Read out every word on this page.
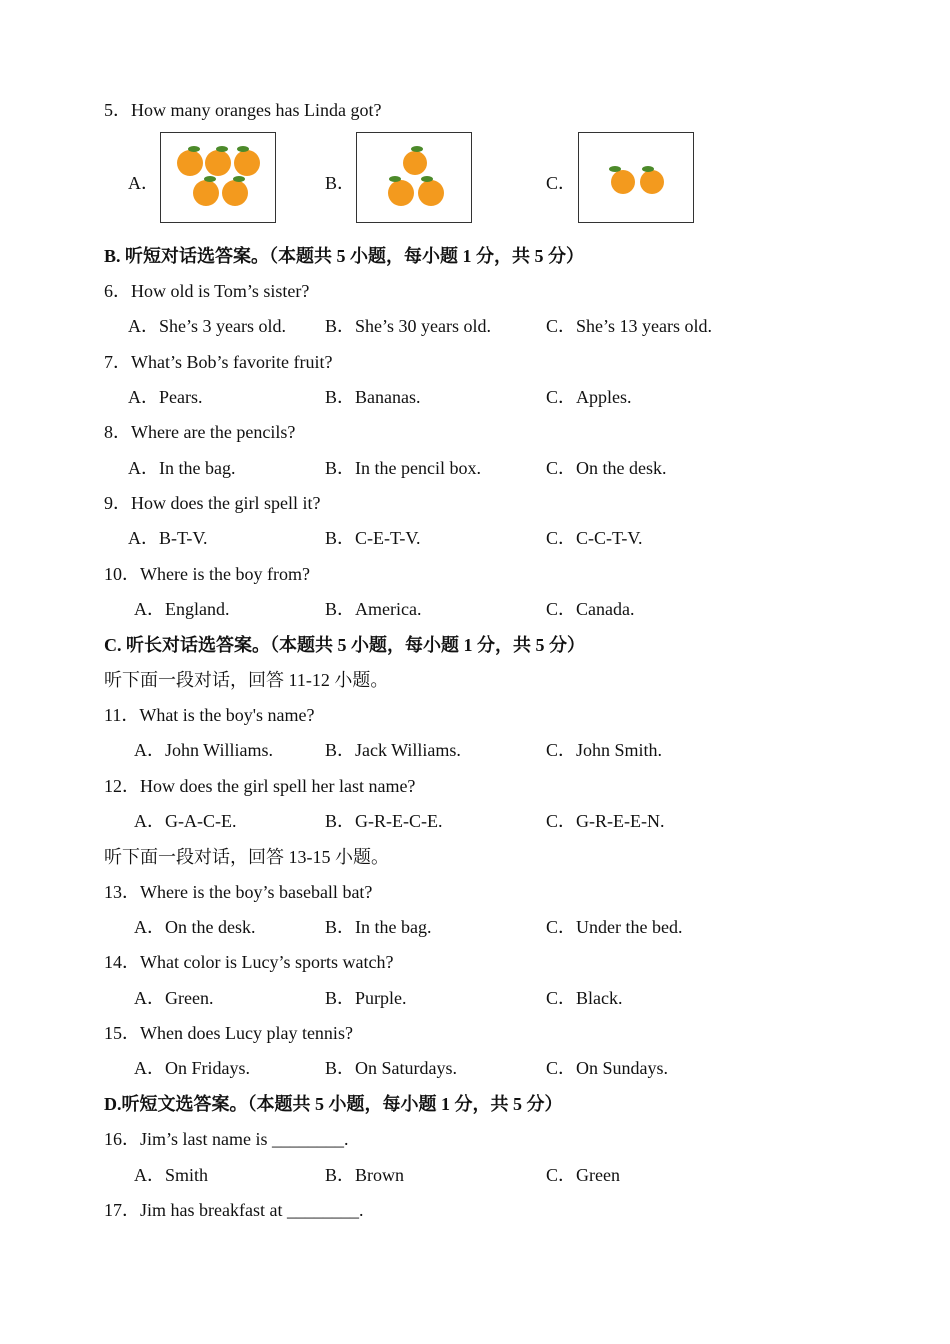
5．How many oranges has Linda got?
A．	B．	C．
B. 听短对话选答案。（本题共 5 小题，每小题 1 分，共 5 分）
6．How old is Tom’s sister?
A．She’s 3 years old. B．She’s 30 years old.	C．She’s 13 years old.
7．What’s Bob’s favorite fruit?
A．Pears.	B．Bananas.	C．Apples.
8．Where are the pencils?
A．In the bag.	B．In the pencil box.	C．On the desk.
9．How does the girl spell it?
A．B-T-V.	B．C-E-T-V.	C．C-C-T-V.
10．Where is the boy from?
A．England.	B．America.	C．Canada.
C. 听长对话选答案。（本题共 5 小题，每小题 1 分，共 5 分）
听下面一段对话，回答 11-12 小题。
11．What is the boy's name?
A．John Williams.	B．Jack Williams.	C．John Smith.
12．How does the girl spell her last name?
A．G-A-C-E.	B．G-R-E-C-E.	C．G-R-E-E-N.
听下面一段对话，回答 13-15 小题。
13．Where is the boy’s baseball bat?
A．On the desk.	B．In the bag.	C．Under the bed.
14．What color is Lucy’s sports watch?
A．Green.	B．Purple.	C．Black.
15．When does Lucy play tennis?
A．On Fridays.	B．On Saturdays.	C．On Sundays.
D.听短文选答案。（本题共 5 小题，每小题 1 分，共 5 分）
16．Jim’s last name is ________.
A．Smith	B．Brown	C．Green
17．Jim has breakfast at ________.
